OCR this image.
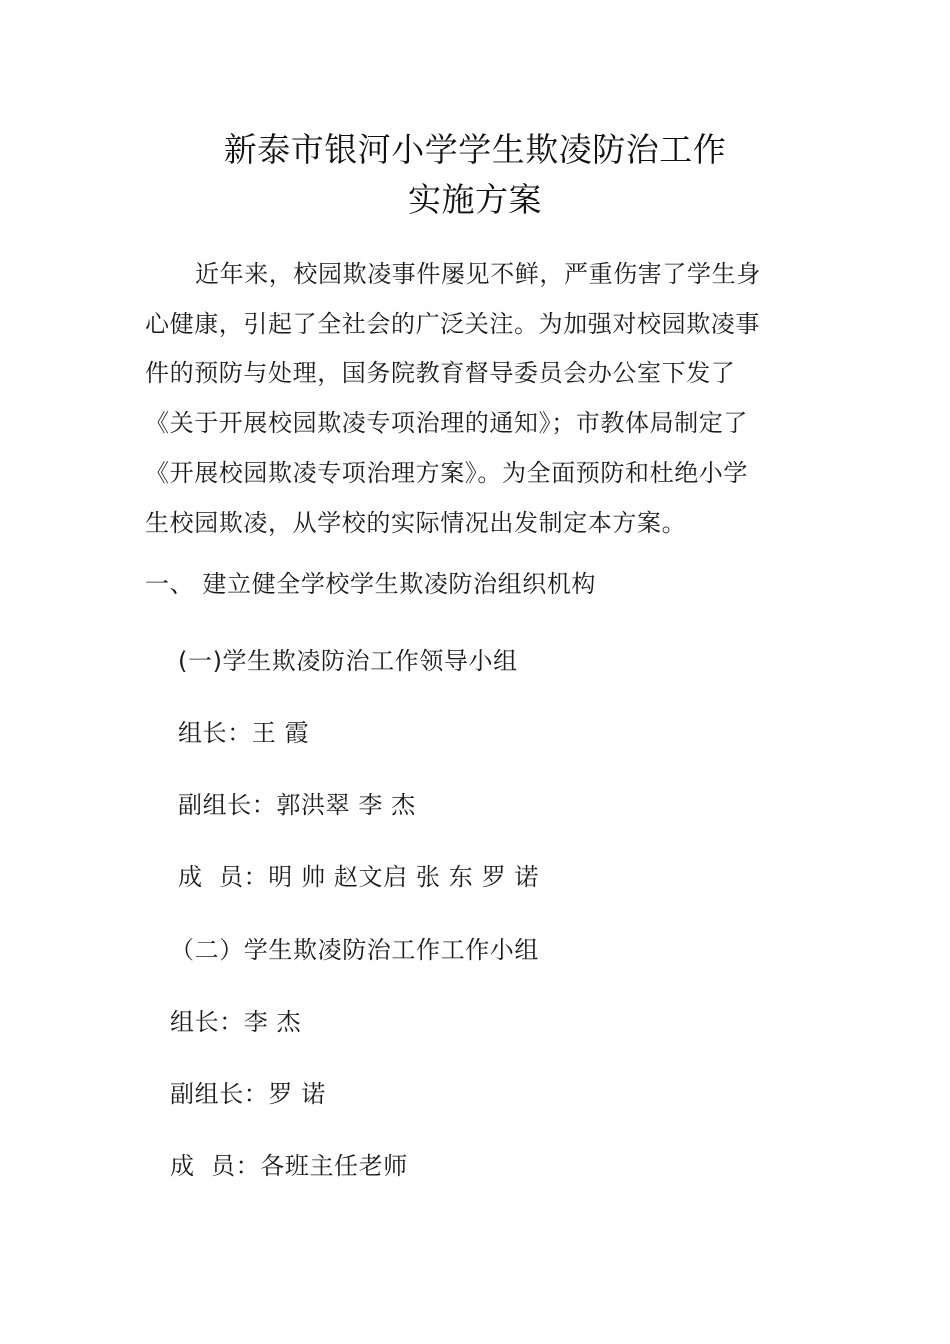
新泰市银河小学学生欺凌防治工作
实施方案
近年来，校园欺凌事件屡见不鲜，严重伤害了学生身
心健康，引起了全社会的广泛关注。为加强对校园欺凌事
件的预防与处理，国务院教育督导委员会办公室下发了
《关于开展校园欺凌专项治理的通知》；市教体局制定了
《开展校园欺凌专项治理方案》。为全面预防和杜绝小学
生校园欺凌，从学校的实际情况出发制定本方案。
一、 建立健全学校学生欺凌防治组织机构
(一)学生欺凌防治工作领导小组
组长：王 霞
副组长：郭洪翠 李 杰
成  员：明 帅 赵文启 张 东 罗 诺
（二）学生欺凌防治工作工作小组
组长：李 杰
副组长：罗 诺
成  员：各班主任老师
